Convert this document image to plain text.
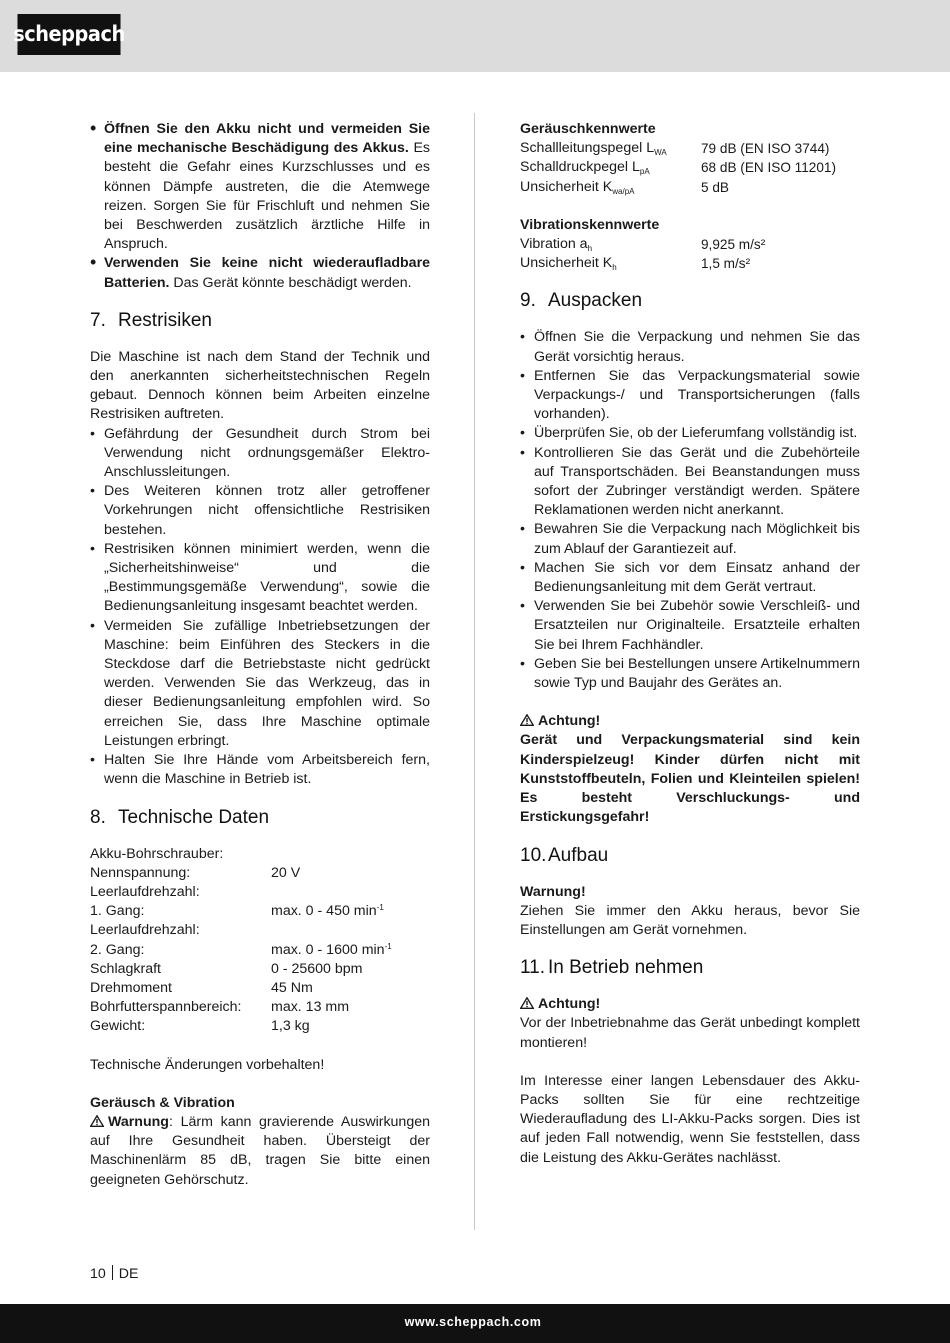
scheppach
• Öffnen Sie den Akku nicht und vermeiden Sie eine mechanische Beschädigung des Akkus. Es besteht die Gefahr eines Kurzschlusses und es können Dämpfe austreten, die die Atemwege reizen. Sorgen Sie für Frischluft und nehmen Sie bei Beschwerden zusätzlich ärztliche Hilfe in Anspruch.
• Verwenden Sie keine nicht wiederaufladbare Batterien. Das Gerät könnte beschädigt werden.
7. Restrisiken

Die Maschine ist nach dem Stand der Technik und den anerkannten sicherheitstechnischen Regeln gebaut. Dennoch können beim Arbeiten einzelne Restrisiken auftreten.

• Gefährdung der Gesundheit durch Strom bei Verwendung nicht ordnungsgemäßer Elektro-Anschlussleitungen.
• Des Weiteren können trotz aller getroffener Vorkehrungen nicht offensichtliche Restrisiken bestehen.
• Restrisiken können minimiert werden, wenn die „Sicherheitshinweise“ und die „Bestimmungsgemäße Verwendung“, sowie die Bedienungsanleitung insgesamt beachtet werden.
• Vermeiden Sie zufällige Inbetriebsetzungen der Maschine: beim Einführen des Steckers in die Steckdose darf die Betriebstaste nicht gedrückt werden. Verwenden Sie das Werkzeug, das in dieser Bedienungsanleitung empfohlen wird. So erreichen Sie, dass Ihre Maschine optimale Leistungen erbringt.
• Halten Sie Ihre Hände vom Arbeitsbereich fern, wenn die Maschine in Betrieb ist.
8. Technische Daten
Akku-Bohrschrauber:	
Nennspannung:	20 V
Leerlaufdrehzahl:	
1. Gang:	max. 0 - 450 $\min^{-1}$
Leerlaufdrehzahl:	
2. Gang:	max. 0 - 1600 $\min^{-1}$
Schlagkraft	0 - 25600 bpm
Drehmoment	45 Nm
Bohrfutterspannbereich:	max. 13 mm
Gewicht:	1,3 kg

Technische Änderungen vorbehalten!

Geräusch & Vibration

Warnung: Lärm kann gravierende Auswirkungen auf Ihre Gesundheit haben. Übersteigt der Maschinenlärm 85 dB, tragen Sie bitte einen geeigneten Gehörschutz.

Geräuschkennwerte

Schallleitungspegel $L_{WA}$	79 dB (EN ISO 3744)
Schalldruckpegel $L_{pA}$	68 dB (EN ISO 11201)
Unsicherheit $K_{wa/pA}$	5 dB

Vibrationskennwerte

Vibration $a_h$	9,925 m/s²
Unsicherheit $K_h$	1,5 m/s²
9. Auspacken
• Öffnen Sie die Verpackung und nehmen Sie das Gerät vorsichtig heraus.
• Entfernen Sie das Verpackungsmaterial sowie Verpackungs-/ und Transportsicherungen (falls vorhanden).
• Überprüfen Sie, ob der Lieferumfang vollständig ist.
• Kontrollieren Sie das Gerät und die Zubehörteile auf Transportschäden. Bei Beanstandungen muss sofort der Zubringer verständigt werden. Spätere Reklamationen werden nicht anerkannt.
• Bewahren Sie die Verpackung nach Möglichkeit bis zum Ablauf der Garantiezeit auf.
• Machen Sie sich vor dem Einsatz anhand der Bedienungsanleitung mit dem Gerät vertraut.
• Verwenden Sie bei Zubehör sowie Verschleiß- und Ersatzteilen nur Originalteile. Ersatzteile erhalten Sie bei Ihrem Fachhändler.
• Geben Sie bei Bestellungen unsere Artikelnummern sowie Typ und Baujahr des Gerätes an.

Achtung!

Gerät und Verpackungsmaterial sind kein Kinderspielzeug! Kinder dürfen nicht mit Kunststoffbeuteln, Folien und Kleinteilen spielen! Es besteht Verschluckungs- und Erstickungsgefahr!

10. Aufbau

Warnung!

Ziehen Sie immer den Akku heraus, bevor Sie Einstellungen am Gerät vornehmen.

11. In Betrieb nehmen

Achtung!

Vor der Inbetriebnahme das Gerät unbedingt komplett montieren!

Im Interesse einer langen Lebensdauer des Akku-Packs sollten Sie für eine rechtzeitige Wiederaufladung des LI-Akku-Packs sorgen. Dies ist auf jeden Fall notwendig, wenn Sie feststellen, dass die Leistung des Akku-Gerätes nachlässt.

10 DE
www.scheppach.com
